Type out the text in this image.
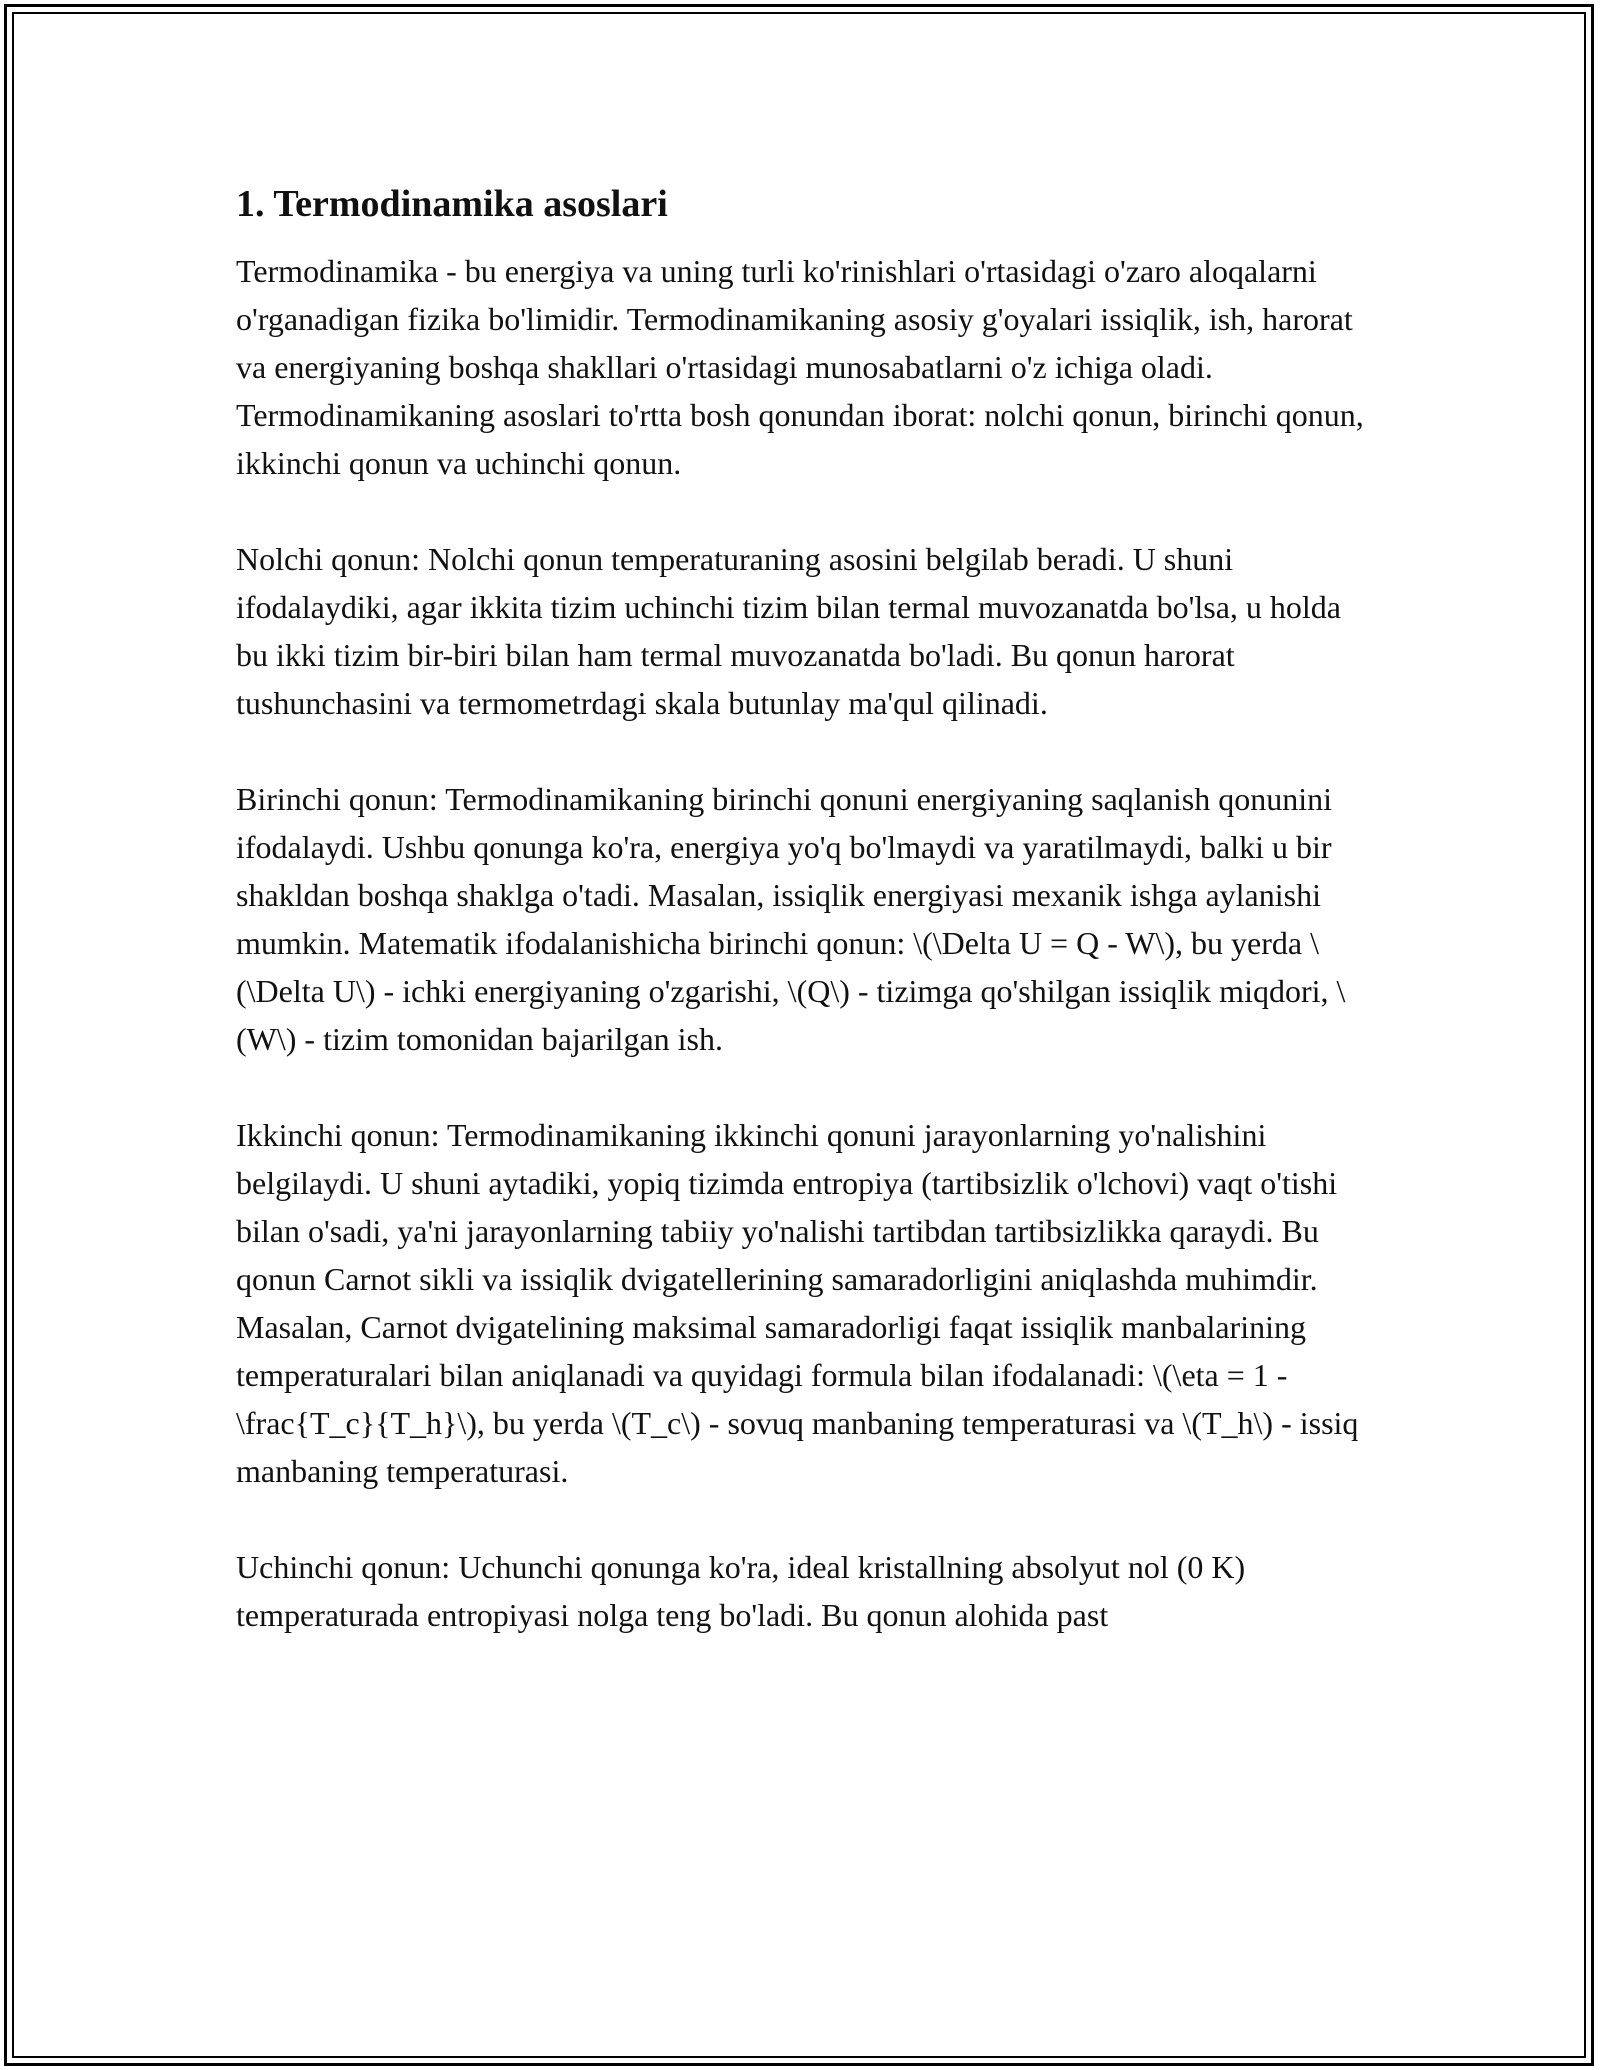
1. Termodinamika asoslari

Termodinamika - bu energiya va uning turli ko'rinishlari o'rtasidagi o'zaro aloqalarni o'rganadigan fizika bo'limidir. Termodinamikaning asosiy g'oyalari issiqlik, ish, harorat va energiyaning boshqa shakllari o'rtasidagi munosabatlarni o'z ichiga oladi. Termodinamikaning asoslari to'rtta bosh qonundan iborat: nolchi qonun, birinchi qonun, ikkinchi qonun va uchinchi qonun.

Nolchi qonun: Nolchi qonun temperaturaning asosini belgilab beradi. U shuni ifodalaydiki, agar ikkita tizim uchinchi tizim bilan termal muvozanatda bo'lsa, u holda bu ikki tizim bir-biri bilan ham termal muvozanatda bo'ladi. Bu qonun harorat tushunchasini va termometrdagi skala butunlay ma'qul qilinadi.

Birinchi qonun: Termodinamikaning birinchi qonuni energiyaning saqlanish qonunini ifodalaydi. Ushbu qonunga ko'ra, energiya yo'q bo'lmaydi va yaratilmaydi, balki u bir shakldan boshqa shaklga o'tadi. Masalan, issiqlik energiyasi mexanik ishga aylanishi mumkin. Matematik ifodalanishicha birinchi qonun: \(\Delta U = Q - W\), bu yerda \(\Delta U\) - ichki energiyaning o'zgarishi, \(Q\) - tizimga qo'shilgan issiqlik miqdori, \(W\) - tizim tomonidan bajarilgan ish.

Ikkinchi qonun: Termodinamikaning ikkinchi qonuni jarayonlarning yo'nalishini belgilaydi. U shuni aytadiki, yopiq tizimda entropiya (tartibsizlik o'lchovi) vaqt o'tishi bilan o'sadi, ya'ni jarayonlarning tabiiy yo'nalishi tartibdan tartibsizlikka qaraydi. Bu qonun Carnot sikli va issiqlik dvigatellerining samaradorligini aniqlashda muhimdir. Masalan, Carnot dvigatelining maksimal samaradorligi faqat issiqlik manbalarining temperaturalari bilan aniqlanadi va quyidagi formula bilan ifodalanadi: \(\eta = 1 - \frac{T_c}{T_h}\), bu yerda \(T_c\) - sovuq manbaning temperaturasi va \(T_h\) - issiq manbaning temperaturasi.

Uchinchi qonun: Uchunchi qonunga ko'ra, ideal kristallning absolyut nol (0 K) temperaturada entropiyasi nolga teng bo'ladi. Bu qonun alohida past
